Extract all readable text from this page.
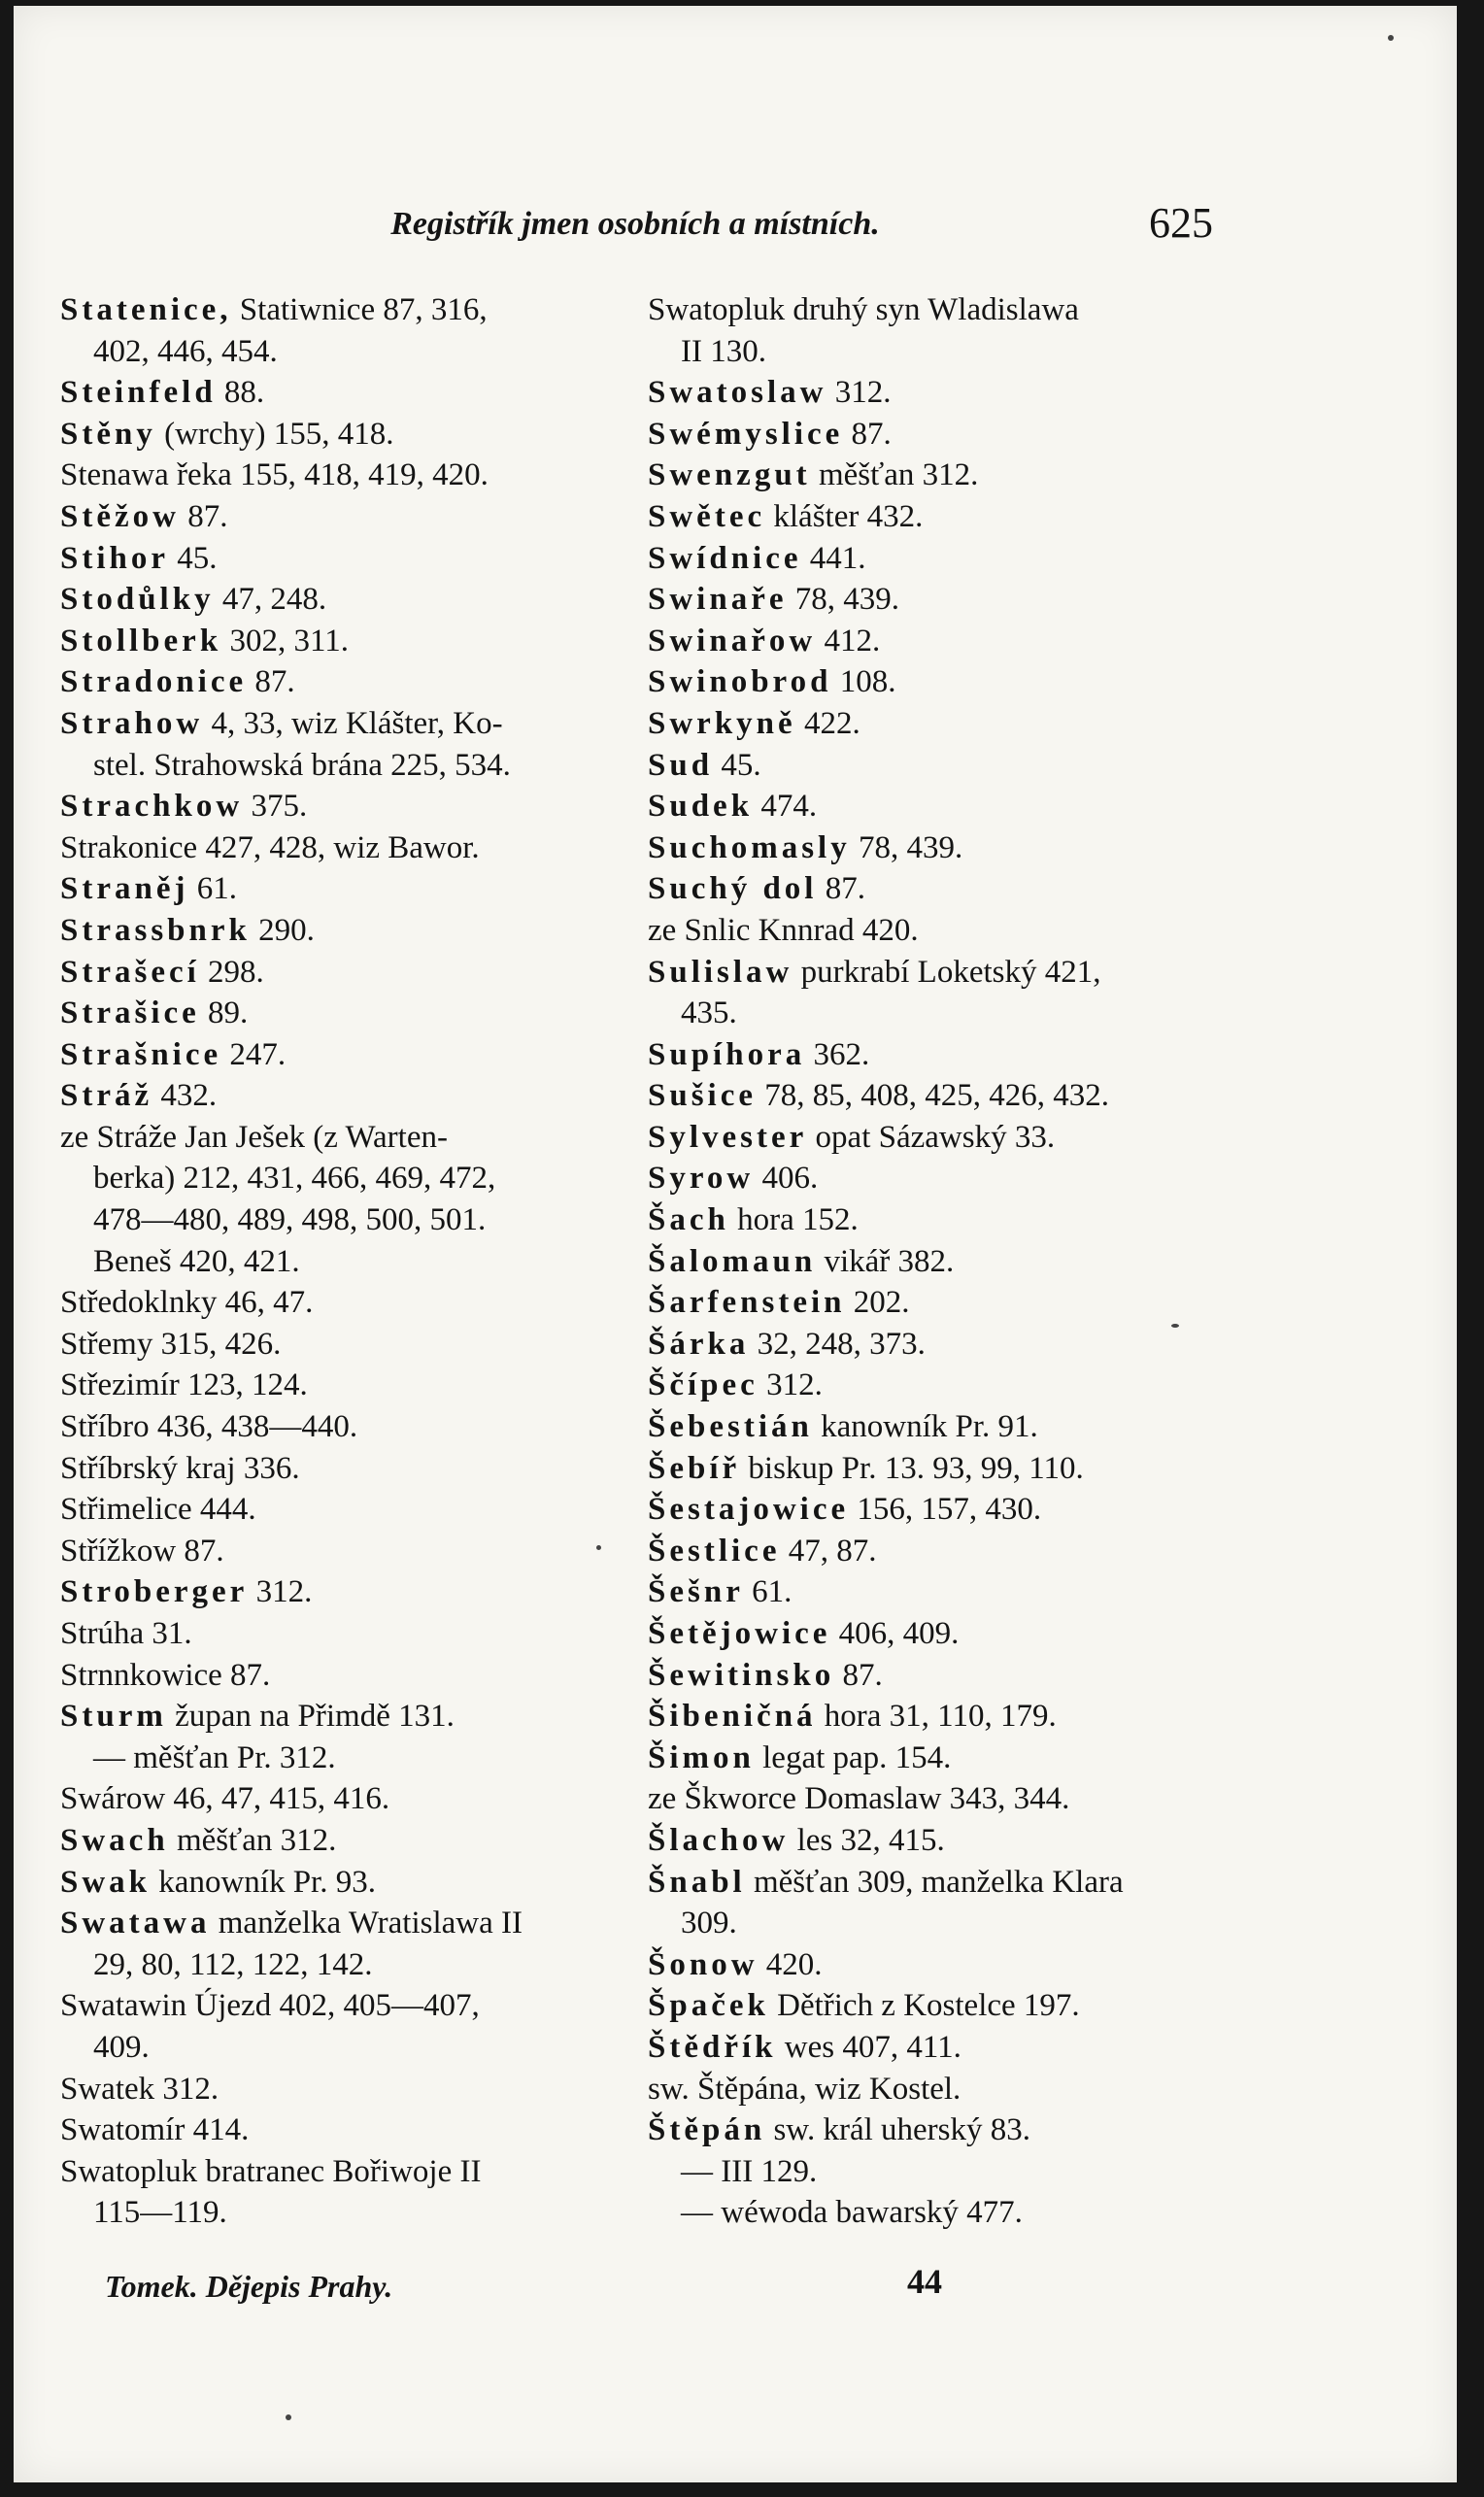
Registřík jmen osobních a místních.	625
Statenice, Statiwnice 87, 316,
402, 446, 454.
Steinfeld 88.
Stěny (wrchy) 155, 418.
Stenawa řeka 155, 418, 419, 420.
Stěžow 87.
Stihor 45.
Stodůlky 47, 248.
Stollberk 302, 311.
Stradonice 87.
Strahow 4, 33, wiz Klášter, Ko-
stel. Strahowská brána 225, 534.
Strachkow 375.
Strakonice 427, 428, wiz Bawor.
Straněj 61.
Strassbnrk 290.
Strašecí 298.
Strašice 89.
Strašnice 247.
Stráž 432.
ze Stráže Jan Ješek (z Warten-
berka) 212, 431, 466, 469, 472,
478—480, 489, 498, 500, 501.
Beneš 420, 421.
Středoklnky 46, 47.
Střemy 315, 426.
Střezimír 123, 124.
Stříbro 436, 438—440.
Stříbrský kraj 336.
Střimelice 444.
Střížkow 87.
Stroberger 312.
Strúha 31.
Strnnkowice 87.
Sturm župan na Přimdě 131.
— měšťan Pr. 312.
Swárow 46, 47, 415, 416.
Swach měšťan 312.
Swak kanowník Pr. 93.
Swatawa manželka Wratislawa II
29, 80, 112, 122, 142.
Swatawin Újezd 402, 405—407,
409.
Swatek 312.
Swatomír 414.
Swatopluk bratranec Bořiwoje II
115—119.
Swatopluk druhý syn Wladislawa
II 130.
Swatoslaw 312.
Swémyslice 87.
Swenzgut měšťan 312.
Swětec klášter 432.
Swídnice 441.
Swinaře 78, 439.
Swinařow 412.
Swinobrod 108.
Swrkyně 422.
Sud 45.
Sudek 474.
Suchomasly 78, 439.
Suchý dol 87.
ze Snlic Knnrad 420.
Sulislaw purkrabí Loketský 421,
435.
Supíhora 362.
Sušice 78, 85, 408, 425, 426, 432.
Sylvester opat Sázawský 33.
Syrow 406.
Šach hora 152.
Šalomaun vikář 382.
Šarfenstein 202.
Šárka 32, 248, 373.
Ščípec 312.
Šebestián kanowník Pr. 91.
Šebíř biskup Pr. 13. 93, 99, 110.
Šestajowice 156, 157, 430.
Šestlice 47, 87.
Šešnr 61.
Šetějowice 406, 409.
Šewitinsko 87.
Šibeničná hora 31, 110, 179.
Šimon legat pap. 154.
ze Škworce Domaslaw 343, 344.
Šlachow les 32, 415.
Šnabl měšťan 309, manželka Klara
309.
Šonow 420.
Špaček Dětřich z Kostelce 197.
Štědřík wes 407, 411.
sw. Štěpána, wiz Kostel.
Štěpán sw. král uherský 83.
— III 129.
— wéwoda bawarský 477.
Tomek. Dějepis Prahy.	44
